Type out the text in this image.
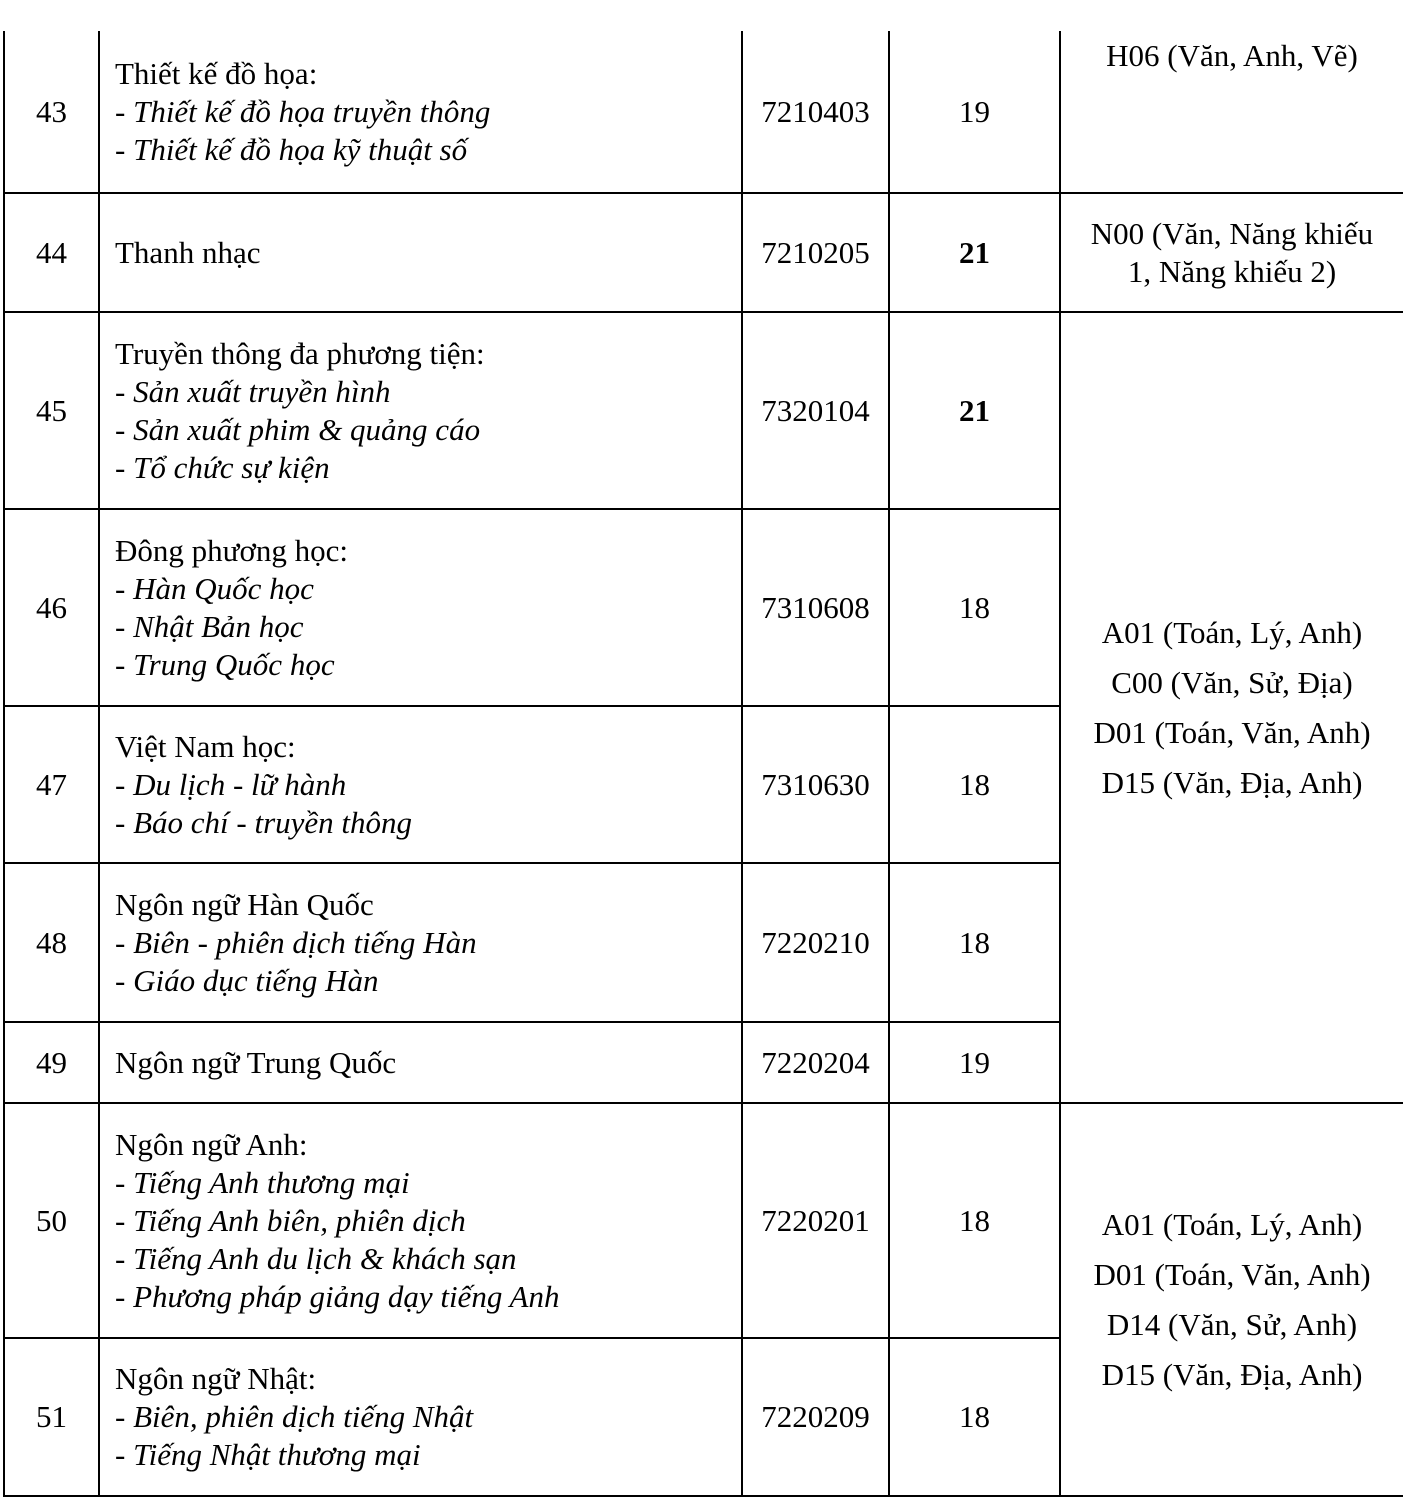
43	Thiết kế đồ họa:
- Thiết kế đồ họa truyền thông
- Thiết kế đồ họa kỹ thuật số	7210403	19	H06 (Văn, Anh, Vẽ)

44	Thanh nhạc	7210205	21	N00 (Văn, Năng khiếu
1, Năng khiếu 2)

45	Truyền thông đa phương tiện:
- Sản xuất truyền hình
- Sản xuất phim & quảng cáo
- Tổ chức sự kiện	7320104	21	A01 (Toán, Lý, Anh)
C00 (Văn, Sử, Địa)
D01 (Toán, Văn, Anh)
D15 (Văn, Địa, Anh)

46	Đông phương học:
- Hàn Quốc học
- Nhật Bản học
- Trung Quốc học	7310608	18	
47	Việt Nam học:
- Du lịch - lữ hành
- Báo chí - truyền thông	7310630	18	
48	Ngôn ngữ Hàn Quốc
- Biên - phiên dịch tiếng Hàn
- Giáo dục tiếng Hàn	7220210	18	
49	Ngôn ngữ Trung Quốc	7220204	19	
50	Ngôn ngữ Anh:
- Tiếng Anh thương mại
- Tiếng Anh biên, phiên dịch
- Tiếng Anh du lịch & khách sạn
- Phương pháp giảng dạy tiếng Anh	7220201	18	A01 (Toán, Lý, Anh)
D01 (Toán, Văn, Anh)
D14 (Văn, Sử, Anh)
D15 (Văn, Địa, Anh)

51	Ngôn ngữ Nhật:
- Biên, phiên dịch tiếng Nhật
- Tiếng Nhật thương mại	7220209	18	
